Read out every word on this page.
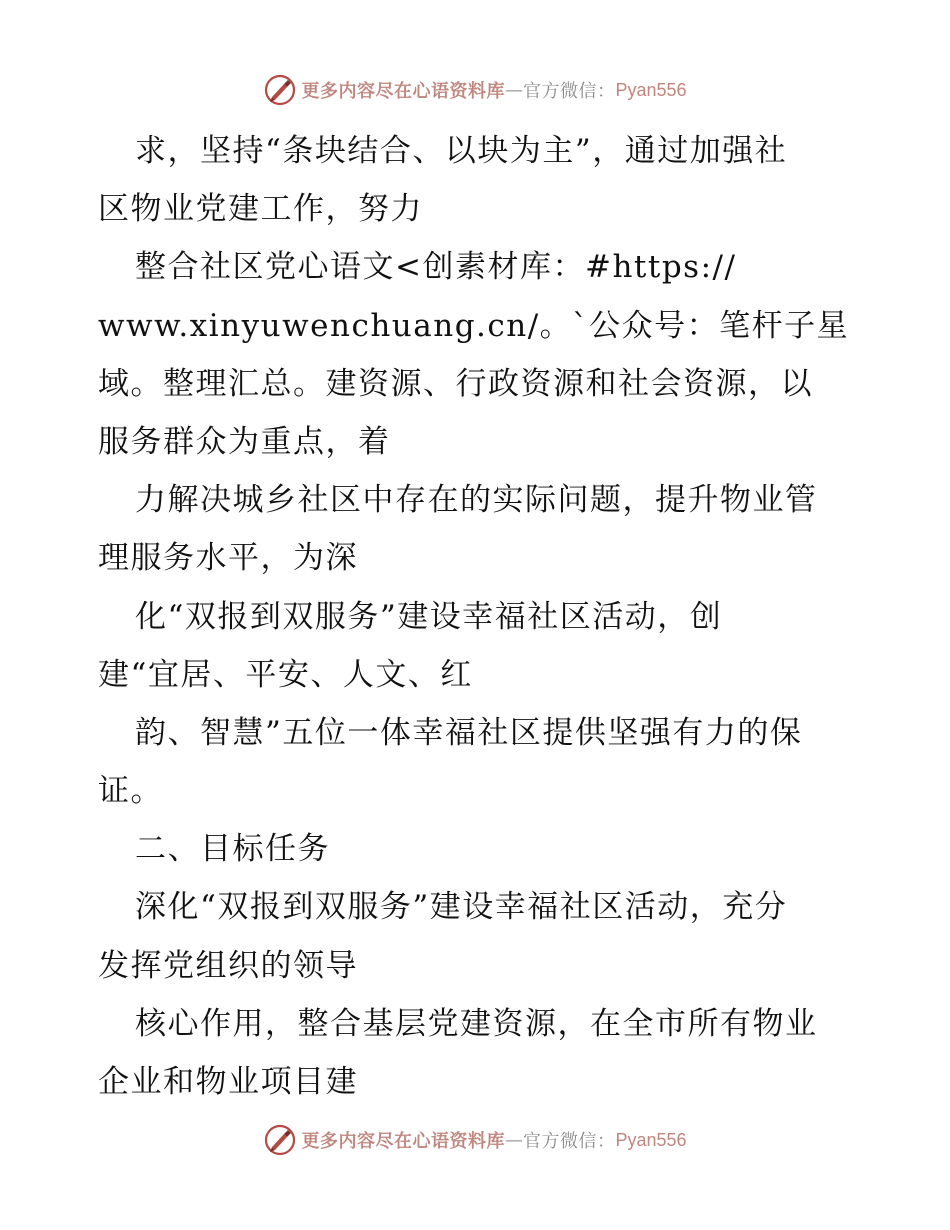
更多内容尽在心语资料库 — 官方微信： Pyan556
求，坚持“条块结合、以块为主”，通过加强社
区物业党建工作，努力
整合社区党心语文<创素材库：#https://
www.xinyuwenchuang.cn/。`公众号：笔杆子星
域。整理汇总。建资源、行政资源和社会资源，以
服务群众为重点，着
力解决城乡社区中存在的实际问题，提升物业管
理服务水平，为深
化“双报到双服务”建设幸福社区活动，创
建“宜居、平安、人文、红
韵、智慧”五位一体幸福社区提供坚强有力的保
证。
二、目标任务
深化“双报到双服务”建设幸福社区活动，充分
发挥党组织的领导
核心作用，整合基层党建资源，在全市所有物业
企业和物业项目建
更多内容尽在心语资料库 — 官方微信： Pyan556
